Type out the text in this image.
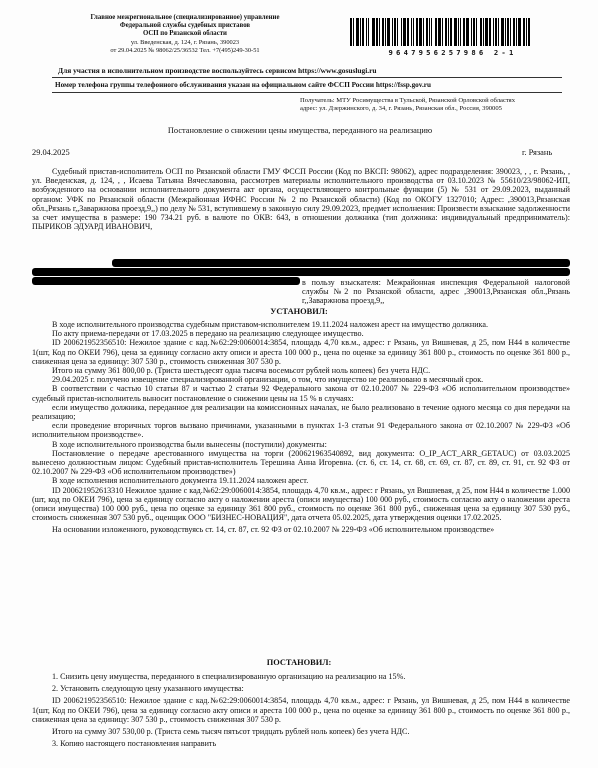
Главное межрегиональное (специализированное) управление

Федеральной службы судебных приставов

ОСП по Рязанской области

ул. Введенская, д. 124, г. Рязань, 390023

от 29.04.2025 № 98062/25/36532 Тел. +7(495)249-30-51	9647956257986 2-1
Для участия в исполнительном производстве воспользуйтесь сервисом https://www.gosuslugi.ru
Номер телефона группы телефонного обслуживания указан на официальном сайте ФССП России https://fssp.gov.ru

Получатель: МТУ Росимущества в Тульской, Рязанской Орловской областях

адрес: ул. Дзержинского, д. 34, г. Рязань, Рязанская обл., Россия, 390005

Постановление о снижении цены имущества, переданного на реализацию
29.04.2025	г. Рязань
Судебный пристав-исполнитель ОСП по Рязанской области ГМУ ФССП России (Код по ВКСП: 98062), адрес подразделения: 390023, , , г. Рязань, , ул. Введенская, д. 124, , , Исаева Татьяна Вячеславовна, рассмотрев материалы исполнительного производства от 03.10.2023 № 55610/23/98062-ИП, возбужденного на основании исполнительного документа акт органа, осуществляющего контрольные функции (5) № 531 от 29.09.2023, выданный органом: УФК по Рязанской области (Межрайонная ИФНС России № 2 по Рязанской области) (Код по ОКОГУ 1327010; Адрес: ,390013,Рязанская обл.,Рязань г,,Заваржнова проезд,9,,) по делу № 531, вступившему в законную силу 29.09.2023, предмет исполнения: Произвести взыскание задолженности за счет имущества в размере: 190 734.21 руб. в валюте по ОКВ: 643, в отношении должника (тип должника: индивидуальный предприниматель): ПЫРИКОВ ЭДУАРД ИВАНОВИЧ,
в пользу взыскателя: Межрайонная инспекция Федеральной налоговой службы №2 по Рязанской области, адрес ,390013,Рязанская обл.,Рязань г,,Заваржнова проезд,9,,
УСТАНОВИЛ:

В ходе исполнительного производства судебным приставом-исполнителем 19.11.2024 наложен арест на имущество должника.

По акту приема-передачи от 17.03.2025 в передано на реализацию следующее имущество.

ID 200621952356510: Нежилое здание с кад.№62:29:0060014:3854, площадь 4,70 кв.м., адрес: г Рязань, ул Вишневая, д 25, пом Н44 в количестве 1(шт, Код по ОКЕИ 796), цена за единицу согласно акту описи и ареста 100 000 р., цена по оценке за единицу 361 800 р., стоимость по оценке 361 800 р., сниженная цена за единицу: 307 530 р., стоимость сниженная 307 530 р.

Итого на сумму 361 800,00 р. (Триста шестьдесят одна тысяча восемьсот рублей ноль копеек) без учета НДС.

29.04.2025 г. получено извещение специализированной организации, о том, что имущество не реализовано в месячный срок.

В соответствии с частью 10 статьи 87 и частью 2 статьи 92 Федерального закона от 02.10.2007 № 229-ФЗ «Об исполнительном производстве» судебный пристав-исполнитель выносит постановление о снижении цены на 15 % в случаях:

если имущество должника, переданное для реализации на комиссионных началах, не было реализовано в течение одного месяца со дня передачи на реализацию;

если проведение вторичных торгов вызвано причинами, указанными в пунктах 1-3 статьи 91 Федерального закона от 02.10.2007 № 229-ФЗ «Об исполнительном производстве».

В ходе исполнительного производства были вынесены (поступили) документы:

Постановление о передаче арестованного имущества на торги (200621963540892, вид документа: O_IP_ACT_ARR_GETAUC) от 03.03.2025 вынесено должностным лицом: Судебный пристав-исполнитель Терешина Анна Игоревна. (ст. 6, ст. 14, ст. 68, ст. 69, ст. 87, ст. 89, ст. 91, ст. 92 ФЗ от 02.10.2007 № 229-ФЗ «Об исполнительном производстве»)

В ходе исполнения исполнительного документа 19.11.2024 наложен арест.

ID 200621952613310 Нежилое здание с кад.№62:29:0060014:3854, площадь 4,70 кв.м., адрес: г Рязань, ул Вишневая, д 25, пом Н44 в количестве 1.000 (шт, код по ОКЕИ 796), цена за единицу согласно акту о наложении ареста (описи имущества) 100 000 руб., стоимость согласно акту о наложении ареста (описи имущества) 100 000 руб., цена по оценке за единицу 361 800 руб., стоимость по оценке 361 800 руб., сниженная цена за единицу 307 530 руб., стоимость сниженная 307 530 руб., оценщик ООО "БИЗНЕС-НОВАЦИЯ", дата отчета 05.02.2025, дата утверждения оценки 17.02.2025.

На основании изложенного, руководствуясь ст. 14, ст. 87, ст. 92 ФЗ от 02.10.2007 № 229-ФЗ «Об исполнительном производстве»

ПОСТАНОВИЛ:

1. Снизить цену имущества, переданного в специализированную организацию на реализацию на 15%.

2. Установить следующую цену указанного имущества:

ID 200621952356510: Нежилое здание с кад.№62:29:0060014:3854, площадь 4,70 кв.м., адрес: г Рязань, ул Вишневая, д 25, пом Н44 в количестве 1(шт, Код по ОКЕИ 796), цена за единицу согласно акту описи и ареста 100 000 р., цена по оценке за единицу 361 800 р., стоимость по оценке 361 800 р., сниженная цена за единицу: 307 530 р., стоимость сниженная 307 530 р.

Итого на сумму 307 530,00 р. (Триста семь тысяч пятьсот тридцать рублей ноль копеек) без учета НДС.

3. Копию настоящего постановления направить
